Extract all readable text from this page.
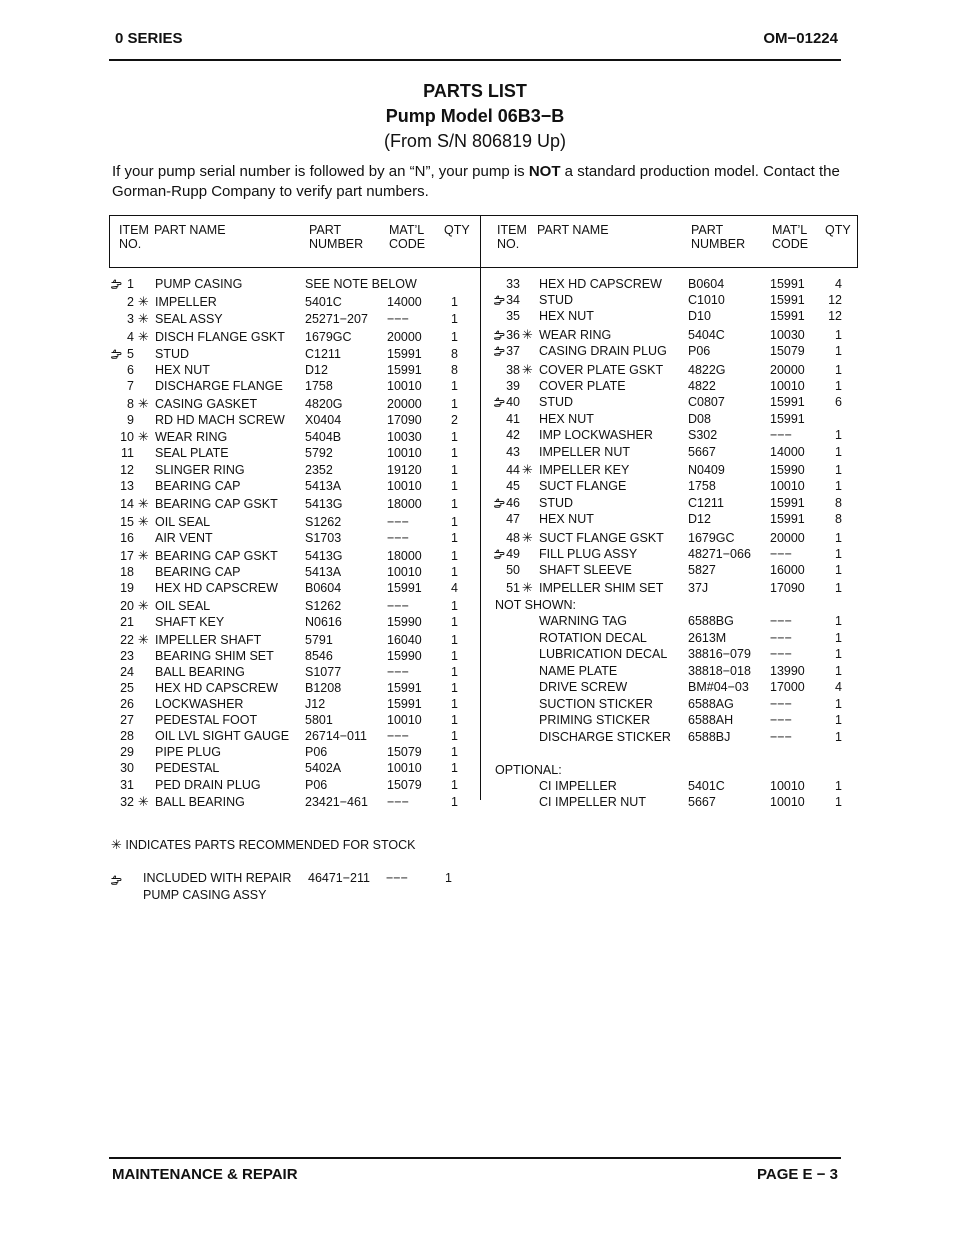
0 SERIES	OM−01224
PARTS LIST
Pump Model 06B3−B
(From S/N 806819 Up)
If your pump serial number is followed by an “N”, your pump is NOT a standard production model. Contact the Gorman-Rupp Company to verify part numbers.
ITEM
NO.
PART NAME	PART
NUMBER
MAT’L
CODE
QTY ITEM
NO.
PART NAME	PART
NUMBER
MAT’L
CODE
QTY
1 PUMP CASING	SEE NOTE BELOW
2 ✳ IMPELLER	5401C	14000 1
3 ✳ SEAL ASSY	25271−207 −−−	1
4 ✳ DISCH FLANGE GSKT 1679GC	20000 1
5 STUD	C1211	15991 8
6 HEX NUT	D12	15991 8
7 DISCHARGE FLANGE 1758	10010 1
8 ✳ CASING GASKET	4820G	20000 1
9 RD HD MACH SCREW X0404	17090 2
10 ✳ WEAR RING	5404B	10030 1
11 SEAL PLATE	5792	10010 1
12 SLINGER RING	2352	19120 1
13 BEARING CAP	5413A	10010 1
14 ✳ BEARING CAP GSKT 5413G	18000 1
15 ✳ OIL SEAL	S1262	−−−	1
16 AIR VENT	S1703	−−−	1
17 ✳ BEARING CAP GSKT 5413G	18000 1
18 BEARING CAP	5413A	10010 1
19 HEX HD CAPSCREW B0604	15991 4
20 ✳ OIL SEAL	S1262	−−−	1
21 SHAFT KEY	N0616	15990 1
22 ✳ IMPELLER SHAFT	5791	16040 1
23 BEARING SHIM SET 8546	15990 1
24 BALL BEARING	S1077	−−−	1
25 HEX HD CAPSCREW B1208	15991 1
26 LOCKWASHER	J12	15991 1
27 PEDESTAL FOOT	5801	10010 1
28 OIL LVL SIGHT GAUGE 26714−011 −−−	1
29 PIPE PLUG	P06	15079 1
30 PEDESTAL	5402A	10010 1
31 PED DRAIN PLUG	P06	15079 1
32 ✳ BALL BEARING	23421−461 −−−	1
33 HEX HD CAPSCREW B0604	15991 4
34 STUD	C1010	15991 12
35 HEX NUT	D10	15991 12
36 ✳ WEAR RING	5404C	10030 1
37 CASING DRAIN PLUG P06	15079 1
38 ✳ COVER PLATE GSKT 4822G	20000 1
39 COVER PLATE	4822	10010 1
40 STUD	C0807	15991 6
41 HEX NUT	D08	15991
42 IMP LOCKWASHER	S302	−−−	1
43 IMPELLER NUT	5667	14000 1
44 ✳ IMPELLER KEY	N0409	15990 1
45 SUCT FLANGE	1758	10010 1
46 STUD	C1211	15991 8
47 HEX NUT	D12	15991 8
48 ✳ SUCT FLANGE GSKT 1679GC	20000 1
49 FILL PLUG ASSY	48271−066 −−−	1
50 SHAFT SLEEVE	5827	16000 1
51 ✳ IMPELLER SHIM SET 37J	17090 1
NOT SHOWN:
WARNING TAG	6588BG	−−−	1
ROTATION DECAL	2613M	−−−	1
LUBRICATION DECAL 38816−079 −−−	1
NAME PLATE	38818−018 13990 1
DRIVE SCREW	BM#04−03 17000 4
SUCTION STICKER	6588AG	−−−	1
PRIMING STICKER	6588AH	−−−	1
DISCHARGE STICKER 6588BJ	−−−	1
OPTIONAL:
CI IMPELLER	5401C	10010 1
CI IMPELLER NUT	5667	10010 1
✳ INDICATES PARTS RECOMMENDED FOR STOCK
INCLUDED WITH REPAIR
PUMP CASING ASSY
46471−211 −−−	1
MAINTENANCE & REPAIR	PAGE E − 3
